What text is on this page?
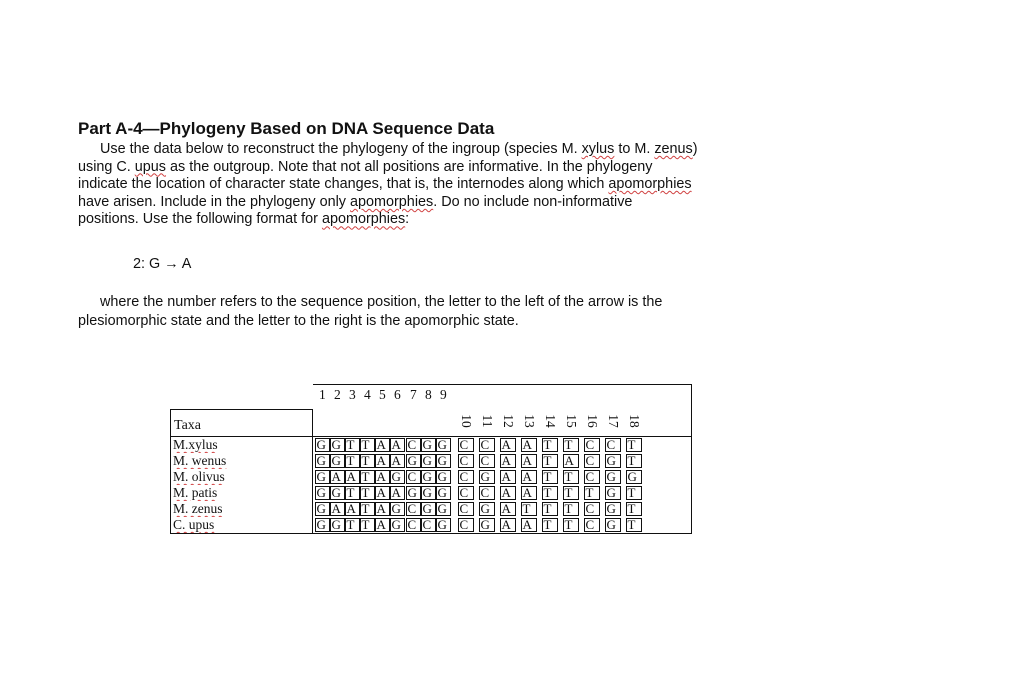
Part A-4—Phylogeny Based on DNA Sequence Data
Use the data below to reconstruct the phylogeny of the ingroup (species M. xylus to M. zenus)
using C. upus as the outgroup. Note that not all positions are informative. In the phylogeny
indicate the location of character state changes, that is, the internodes along which apomorphies
have arisen. Include in the phylogeny only apomorphies. Do no include non-informative
positions. Use the following format for apomorphies:
2: G → A
where the number refers to the sequence position, the letter to the left of the arrow is the
plesiomorphic state and the letter to the right is the apomorphic state.
Taxa
1 2 3 4 5 6 7 8 9
10 11 12 13 14 15 16 17 18
M.xylus	G G T T A A C G G C C A A T	T	C C T
M. wenus	G G T T A A G G G C C A A T	A C G T
M. olivus	G A A T A G C G G C G A A T	T	C G G
M. patis	G G T T A A G G G C C A A T	T	T	G T
M. zenus	G A A T A G C G G C G A T	T	T	C G T
C. upus	G G T T A G C C G C G A A T	T	C G T
